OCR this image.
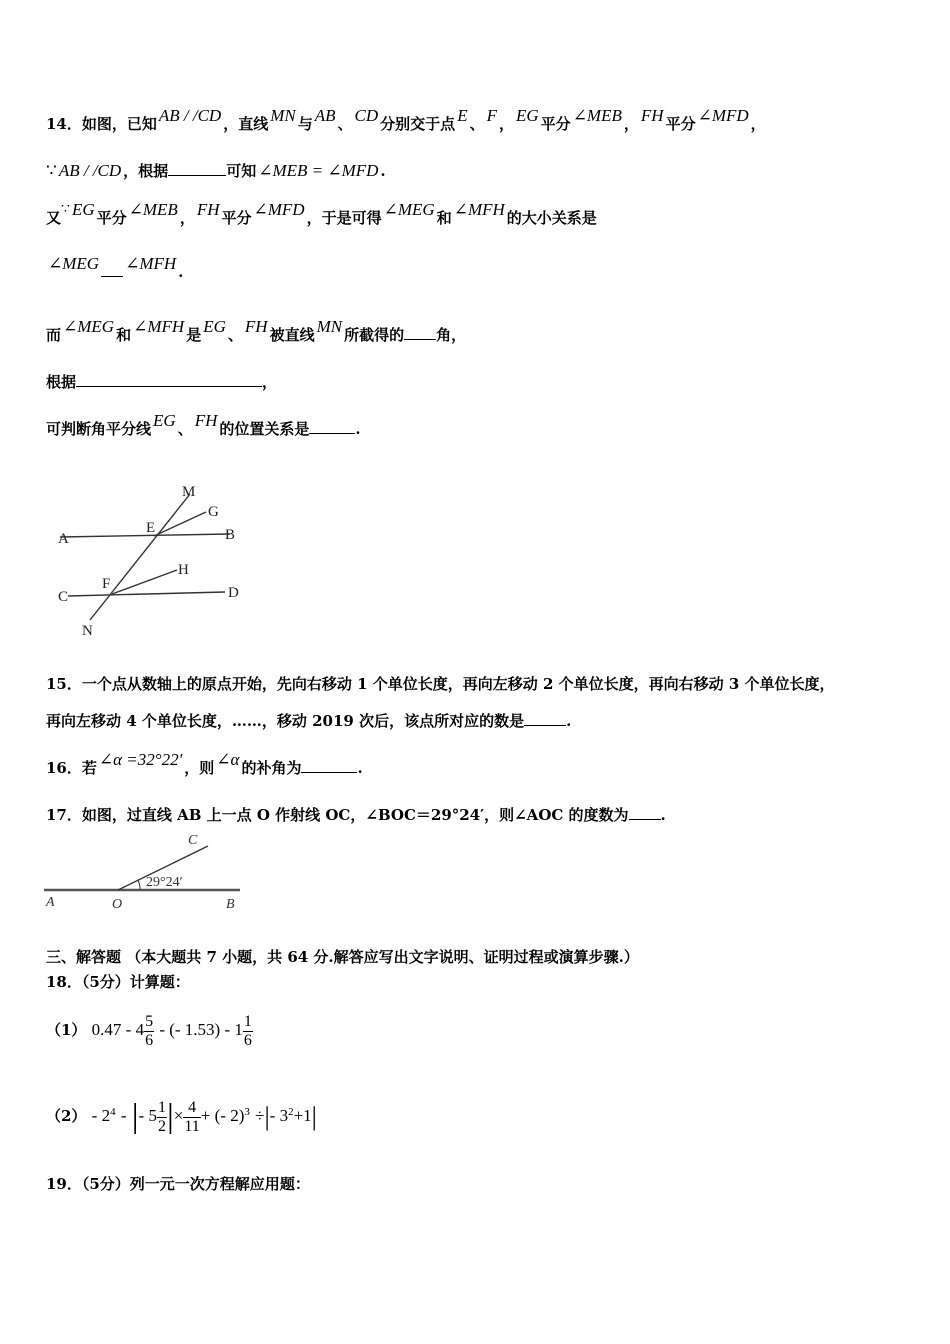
14．如图，已知 AB / /CD ，直线 MN 与 AB 、 CD 分别交于点 E 、 F ， EG 平分 ∠MEB ， FH 平分 ∠MFD ，
∵ AB / /CD ，根据	可知 ∠MEB = ∠MFD .
又∵ EG 平分 ∠MEB ， FH 平分 ∠MFD ，于是可得 ∠MEG 和 ∠MFH 的大小关系是
∠MEG ∠MFH .
而 ∠MEG 和 ∠MFH 是 EG 、 FH 被直线 MN 所截得的 角，
根据	，
可判断角平分线 EG 、 FH 的位置关系是	.
M
G
E	B
A
H
F
C	D
N
15．一个点从数轴上的原点开始，先向右移动 1 个单位长度，再向左移动 2 个单位长度，再向右移动 3 个单位长度，
再向左移动 4 个单位长度，……，移动 2019 次后，该点所对应的数是	.
16．若 ∠α =32°22′ ，则 ∠α 的补角为	.
17．如图，过直线 AB 上一点 O 作射线 OC，∠BOC＝29°24′，则∠AOC 的度数为 .
C
29°24′
A	O	B
三、解答题 （本大题共 7 小题，共 64 分.解答应写出文字说明、证明过程或演算步骤.）
18．（5分）计算题：
（1） $0.47 - 4 \frac{5}{6}$ - (- $1.53) - 1 \frac{1}{6}$
$(2) - 2^4$ - |- $5 \frac{1}{2}$ |× $\frac{4}{11}$ + (- 2)$^3$ ÷|- $3^2+1|$
19．（5分）列一元一次方程解应用题：
